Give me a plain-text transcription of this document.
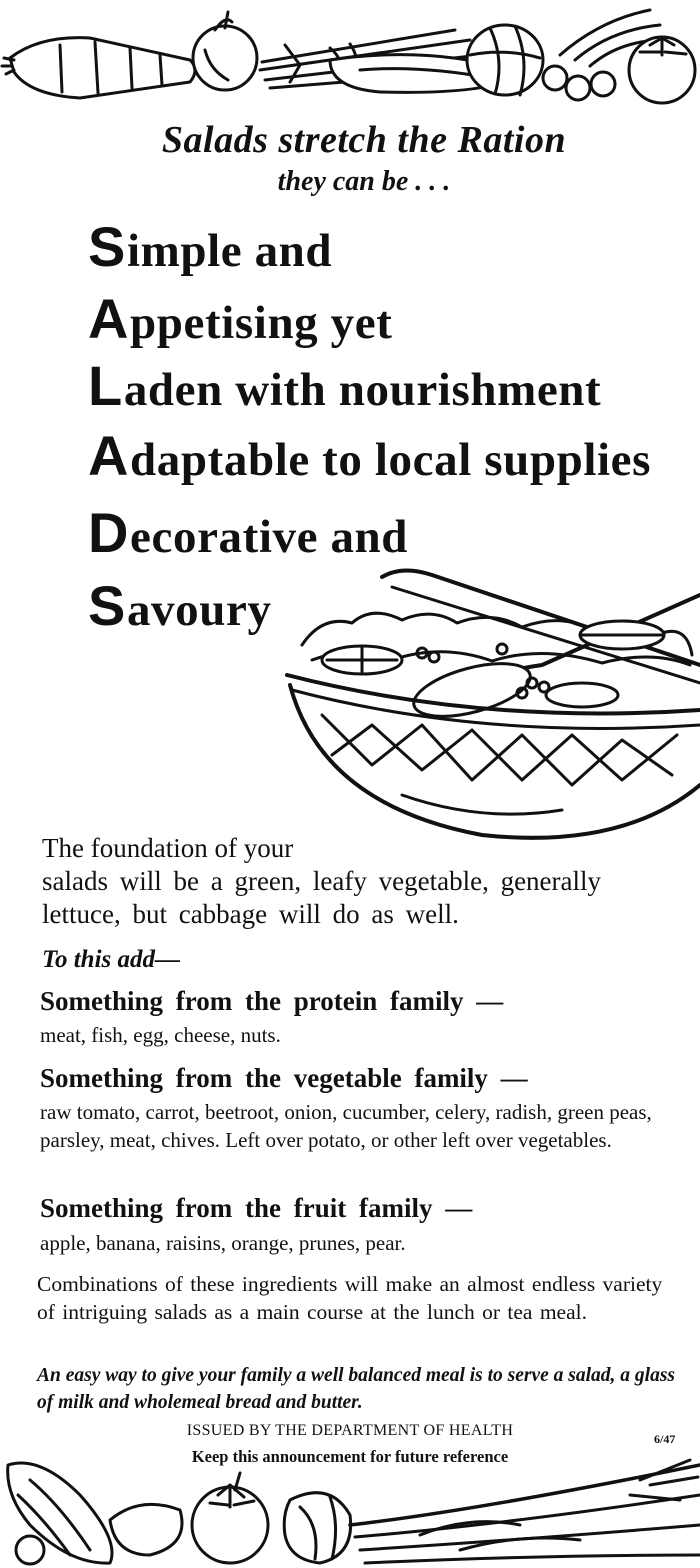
Salads stretch the Ration
they can be . . .
Simple and
Appetising yet
Laden with nourishment
Adaptable to local supplies
Decorative and
Savoury
The foundation of your
salads will be a green, leafy vegetable, generally lettuce, but cabbage will do as well.
To this add—
Something from the protein family —
meat, fish, egg, cheese, nuts.
Something from the vegetable family —
raw tomato, carrot, beetroot, onion, cucumber, celery, radish, green peas, parsley, meat, chives. Left over potato, or other left over vegetables.
Something from the fruit family —
apple, banana, raisins, orange, prunes, pear.
Combinations of these ingredients will make an almost endless variety of intriguing salads as a main course at the lunch or tea meal.
An easy way to give your family a well balanced meal is to serve a salad, a glass of milk and wholemeal bread and butter.
ISSUED BY THE DEPARTMENT OF HEALTH
Keep this announcement for future reference
6/47
